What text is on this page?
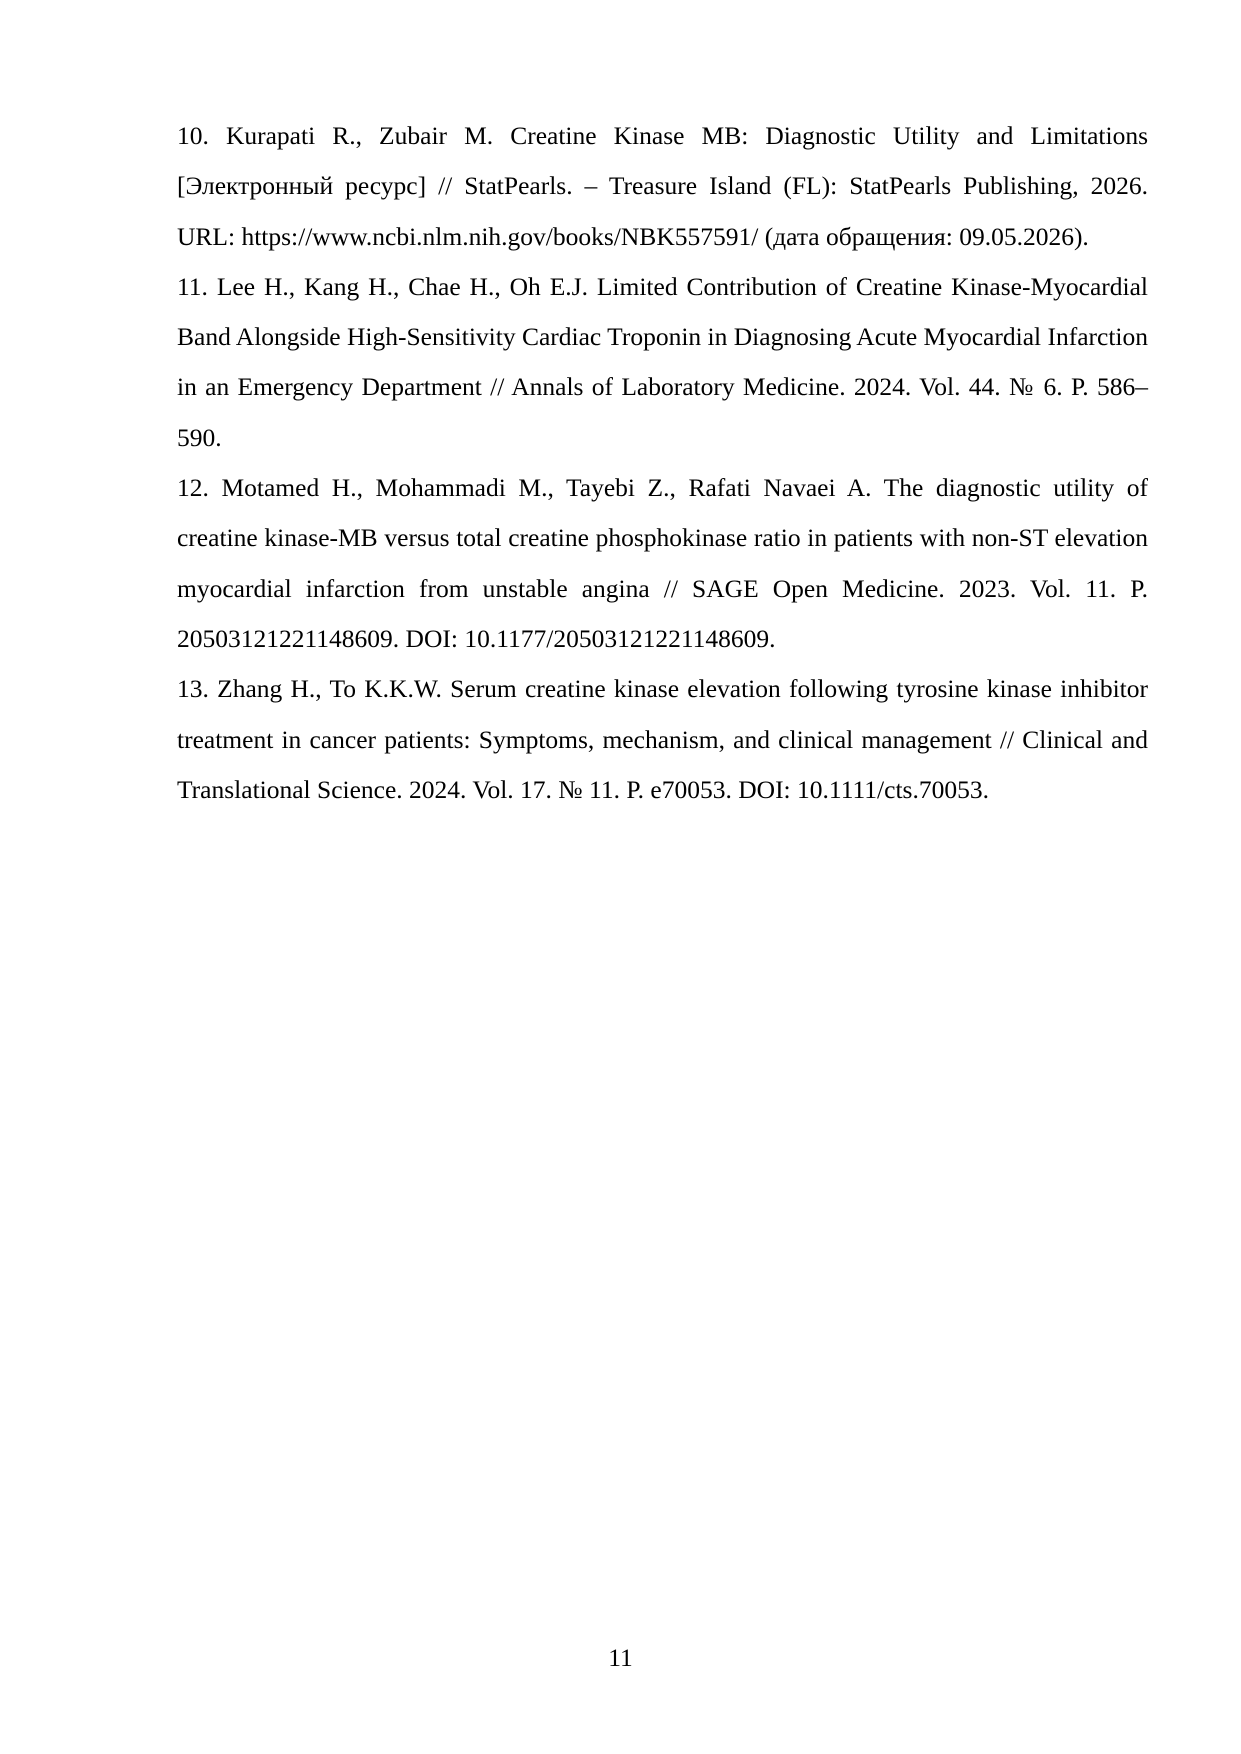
10. Kurapati R., Zubair M. Creatine Kinase MB: Diagnostic Utility and Limitations [Электронный ресурс] // StatPearls. – Treasure Island (FL): StatPearls Publishing, 2026. URL: https://www.ncbi.nlm.nih.gov/books/NBK557591/ (дата обращения: 09.05.2026).

11. Lee H., Kang H., Chae H., Oh E.J. Limited Contribution of Creatine Kinase-Myocardial Band Alongside High-Sensitivity Cardiac Troponin in Diagnosing Acute Myocardial Infarction in an Emergency Department // Annals of Laboratory Medicine. 2024. Vol. 44. № 6. P. 586–590.

12. Motamed H., Mohammadi M., Tayebi Z., Rafati Navaei A. The diagnostic utility of creatine kinase-MB versus total creatine phosphokinase ratio in patients with non-ST elevation myocardial infarction from unstable angina // SAGE Open Medicine. 2023. Vol. 11. P. 20503121221148609. DOI: 10.1177/20503121221148609.

13. Zhang H., To K.K.W. Serum creatine kinase elevation following tyrosine kinase inhibitor treatment in cancer patients: Symptoms, mechanism, and clinical management // Clinical and Translational Science. 2024. Vol. 17. № 11. P. e70053. DOI: 10.1111/cts.70053.

11
